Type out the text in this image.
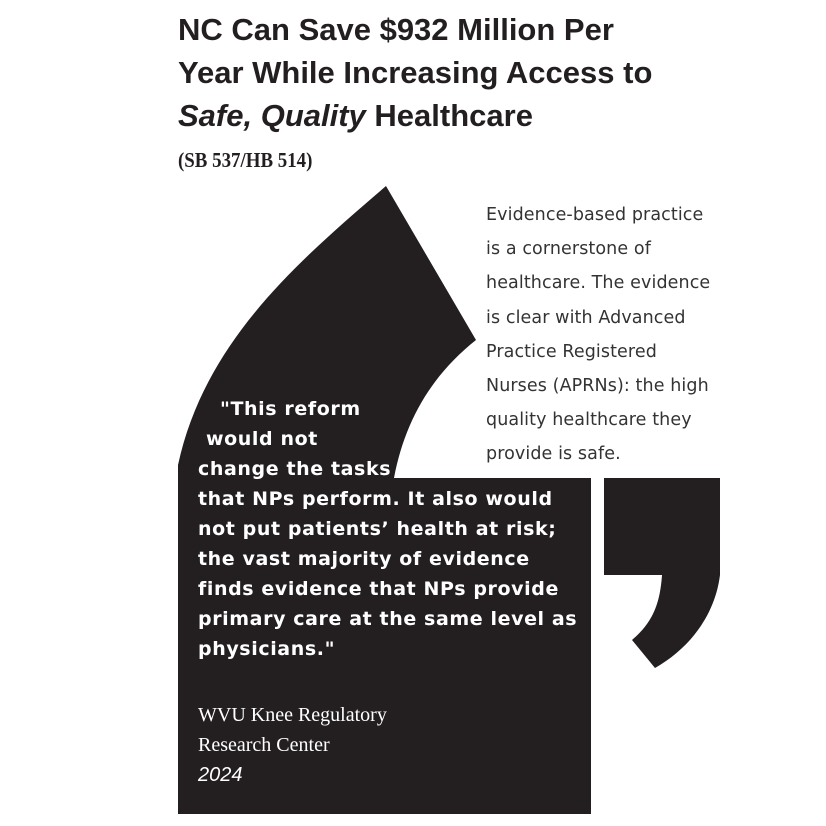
NC Can Save $932 Million Per
Year While Increasing Access to
Safe, Quality Healthcare

(SB 537/HB 514)

Evidence-based practice
is a cornerstone of
healthcare. The evidence
is clear with Advanced
Practice Registered
Nurses (APRNs): the high
quality healthcare they
provide is safe.
"This reform
would not
change the tasks
that NPs perform. It also would
not put patients’ health at risk;
the vast majority of evidence
finds evidence that NPs provide
primary care at the same level as
physicians."
WVU Knee Regulatory
Research Center
2024
